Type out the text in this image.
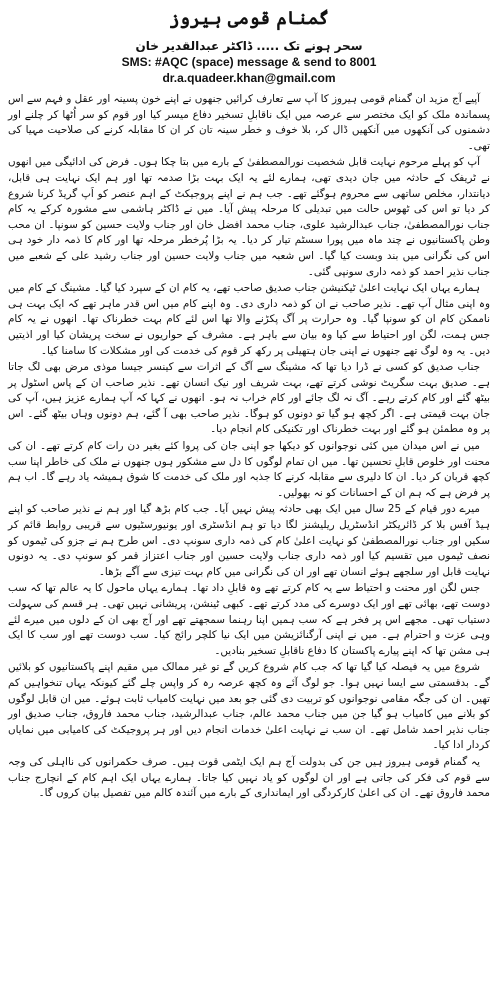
گمنام قومی ہیروز
سحر ہونے تک ..... ڈاکٹر عبدالقدیر خان
SMS: #AQC (space) message & send to 8001
dr.a.quadeer.khan@gmail.com

آپیے آج مزید ان گمنام قومی ہیروز کا آپ سے تعارف کرائیں جنھوں نے اپنے خون پسینہ اور عقل و فہم سے اس پسماندہ ملک کو ایک مختصر سے عرصہ میں ایک ناقابلِ تسخیر دفاع میسر کیا اور قوم کو سر اُٹھا کر چلنے اور دشمنوں کی آنکھوں میں آنکھیں ڈال کر، بلا خوف و خطر سینہ تان کر ان کا مقابلہ کرنے کی صلاحیت مہیا کی تھی۔

آپ کو پہلے مرحوم نہایت قابل شخصیت نورالمصطفیٰ کے بارے میں بتا چکا ہوں۔ فرض کی ادائیگی میں انھوں نے ٹریفک کے حادثہ میں جان دیدی تھی، ہمارے لئے یہ ایک بہت بڑا صدمہ تھا اور ہم ایک نہایت ہی قابل، دیانتدار، مخلص ساتھی سے محروم ہوگئے تھے۔ جب ہم نے اپنے پروجیکٹ کے اہم عنصر کو اَپ گریڈ کرنا شروع کر دیا تو اس کی ٹھوس حالت میں تبدیلی کا مرحلہ پیش آیا۔ میں نے ڈاکٹر ہاشمی سے مشورہ کرکے یہ کام جناب نورالمصطفیٰ، جناب عبدالرشید علوی، جناب محمد افضل خان اور جناب ولایت حسین کو سونپا۔ ان محب وطن پاکستانیوں نے چند ماہ میں پورا سسٹم تیار کر دیا۔ یہ بڑا پُرخطر مرحلہ تھا اور کام کا ذمہ دار خود ہی اس کی نگرانی میں بند وبست کیا گیا۔ اس شعبہ میں جناب ولایت حسین اور جناب رشید علی کے شعبے میں جناب نذیر احمد کو ذمہ داری سونپی گئی۔

ہمارے یہاں ایک نہایت اعلیٰ ٹیکنیشن جناب صدیق صاحب تھے، یہ کام ان کے سپرد کیا گیا۔ مشینگ کے کام میں وہ اپنی مثال آپ تھے۔ نذیر صاحب نے ان کو ذمہ داری دی۔ وہ اپنے کام میں اس قدر ماہر تھے کہ ایک بہت ہی ناممکن کام ان کو سونپا گیا۔ وہ حرارت پر آگ پکڑنے والا تھا اس لئے کام بہت خطرناک تھا۔ انھوں نے یہ کام جس ہمت، لگن اور احتیاط سے کیا وہ بیان سے باہر ہے۔ مشرف کے حواریوں نے سخت پریشان کیا اور اذیتیں دیں۔ یہ وہ لوگ تھے جنھوں نے اپنی جان ہتھیلی پر رکھ کر قوم کی خدمت کی اور مشکلات کا سامنا کیا۔

جناب صدیق کو کسی نے ڈرا دیا تھا کہ مشینگ سے آگ کے اثرات سے کینسر جیسا موذی مرض بھی لگ جاتا ہے۔ صدیق بہت سگریٹ نوشی کرتے تھے، بہت شریف اور نیک انسان تھے۔ نذیر صاحب ان کے پاس اسٹول پر بیٹھ گئے اور کام کرتے رہے۔ آگ نہ لگ جائے اور کام خراب نہ ہو۔ انھوں نے کہا کہ آپ ہمارے عزیز ہیں، آپ کی جان بہت قیمتی ہے۔ اگر کچھ ہو گیا تو دونوں کو ہوگا۔ نذیر صاحب بھی آ گئے، ہم دونوں وہاں بیٹھ گئے۔ اس پر وہ مطمئن ہو گئے اور بہت خطرناک اور تکنیکی کام انجام دیا۔

میں نے اس میدان میں کئی نوجوانوں کو دیکھا جو اپنی جان کی پروا کئے بغیر دن رات کام کرتے تھے۔ ان کی محنت اور خلوص قابلِ تحسین تھا۔ میں ان تمام لوگوں کا دل سے مشکور ہوں جنھوں نے ملک کی خاطر اپنا سب کچھ قربان کر دیا۔ ان کا دلیری سے مقابلہ کرنے کا جذبہ اور ملک کی خدمت کا شوق ہمیشہ یاد رہے گا۔ اب ہم پر فرض ہے کہ ہم ان کے احسانات کو نہ بھولیں۔

میرے دور قیام کے 25 سال میں ایک بھی حادثہ پیش نہیں آیا۔ جب کام بڑھ گیا اور ہم نے نذیر صاحب کو اپنے ہیڈ آفس بلا کر ڈائریکٹر انڈسٹریل ریلیشنز لگا دیا تو ہم انڈسٹری اور یونیورسٹیوں سے قریبی روابط قائم کر سکیں اور جناب نورالمصطفیٰ کو نہایت اعلیٰ کام کی ذمہ داری سونپ دی۔ اس طرح ہم نے جزو کی ٹیموں کو نصف ٹیموں میں تقسیم کیا اور ذمہ داری جناب ولایت حسین اور جناب اعتزاز قمر کو سونپ دی۔ یہ دونوں نہایت قابل اور سلجھے ہوئے انسان تھے اور ان کی نگرانی میں کام بہت تیزی سے آگے بڑھا۔

جس لگن اور محنت و احتیاط سے یہ کام کرتے تھے وہ قابلِ داد تھا۔ ہمارے یہاں ماحول کا یہ عالم تھا کہ سب دوست تھے، بھائی تھے اور ایک دوسرے کی مدد کرتے تھے۔ کبھی ٹینشن، پریشانی نہیں تھی۔ ہر قسم کی سہولت دستیاب تھی۔ مجھے اس پر فخر ہے کہ سب ہمیں اپنا رہنما سمجھتے تھے اور آج بھی ان کے دلوں میں میرے لئے وہی عزت و احترام ہے۔ میں نے اپنی آرگنائزیشن میں ایک نیا کلچر رائج کیا۔ سب دوست تھے اور سب کا ایک ہی مشن تھا کہ اپنے پیارے پاکستان کا دفاع ناقابلِ تسخیر بنادیں۔

شروع میں یہ فیصلہ کیا گیا تھا کہ جب کام شروع کریں گے تو غیر ممالک میں مقیم اپنے پاکستانیوں کو بلائیں گے۔ بدقسمتی سے ایسا نہیں ہوا۔ جو لوگ آئے وہ کچھ عرصہ رہ کر واپس چلے گئے کیونکہ یہاں تنخواہیں کم تھیں۔ ان کی جگہ مقامی نوجوانوں کو تربیت دی گئی جو بعد میں نہایت کامیاب ثابت ہوئے۔ میں ان قابل لوگوں کو بلانے میں کامیاب ہو گیا جن میں جناب محمد عالم، جناب عبدالرشید، جناب محمد فاروق، جناب صدیق اور جناب نذیر احمد شامل تھے۔ ان سب نے نہایت اعلیٰ خدمات انجام دیں اور ہر پروجیکٹ کی کامیابی میں نمایاں کردار ادا کیا۔

یہ گمنام قومی ہیروز ہیں جن کی بدولت آج ہم ایک ایٹمی قوت ہیں۔ صرف حکمرانوں کی نااہلی کی وجہ سے قوم کی فکر کی جاتی ہے اور ان لوگوں کو یاد نہیں کیا جاتا۔ ہمارے یہاں ایک اہم کام کے انچارج جناب محمد فاروق تھے۔ ان کی اعلیٰ کارکردگی اور ایمانداری کے بارے میں آئندہ کالم میں تفصیل بیان کروں گا۔
